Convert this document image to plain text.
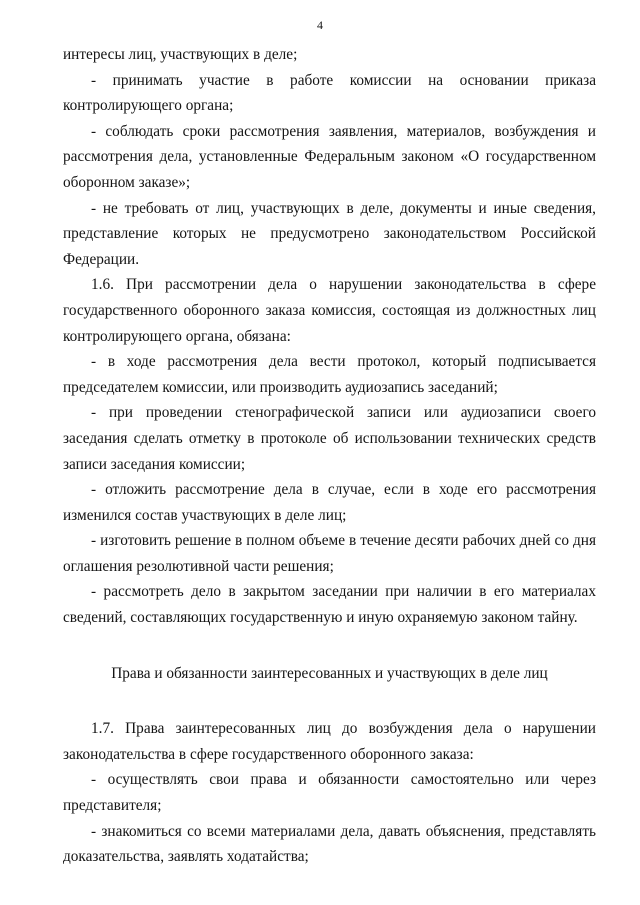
4
интересы лиц, участвующих в деле;
- принимать участие в работе комиссии на основании приказа
контролирующего органа;
- соблюдать сроки рассмотрения заявления, материалов, возбуждения и
рассмотрения дела, установленные Федеральным законом «О государственном
оборонном заказе»;
- не требовать от лиц, участвующих в деле, документы и иные сведения,
представление которых не предусмотрено законодательством Российской
Федерации.
1.6. При рассмотрении дела о нарушении законодательства в сфере
государственного оборонного заказа комиссия, состоящая из должностных лиц
контролирующего органа, обязана:
- в ходе рассмотрения дела вести протокол, который подписывается
председателем комиссии, или производить аудиозапись заседаний;
- при проведении стенографической записи или аудиозаписи своего
заседания сделать отметку в протоколе об использовании технических средств
записи заседания комиссии;
- отложить рассмотрение дела в случае, если в ходе его рассмотрения
изменился состав участвующих в деле лиц;
- изготовить решение в полном объеме в течение десяти рабочих дней со дня
оглашения резолютивной части решения;
- рассмотреть дело в закрытом заседании при наличии в его материалах
сведений, составляющих государственную и иную охраняемую законом тайну.
Права и обязанности заинтересованных и участвующих в деле лиц
1.7. Права заинтересованных лиц до возбуждения дела о нарушении
законодательства в сфере государственного оборонного заказа:
- осуществлять свои права и обязанности самостоятельно или через
представителя;
- знакомиться со всеми материалами дела, давать объяснения, представлять
доказательства, заявлять ходатайства;
